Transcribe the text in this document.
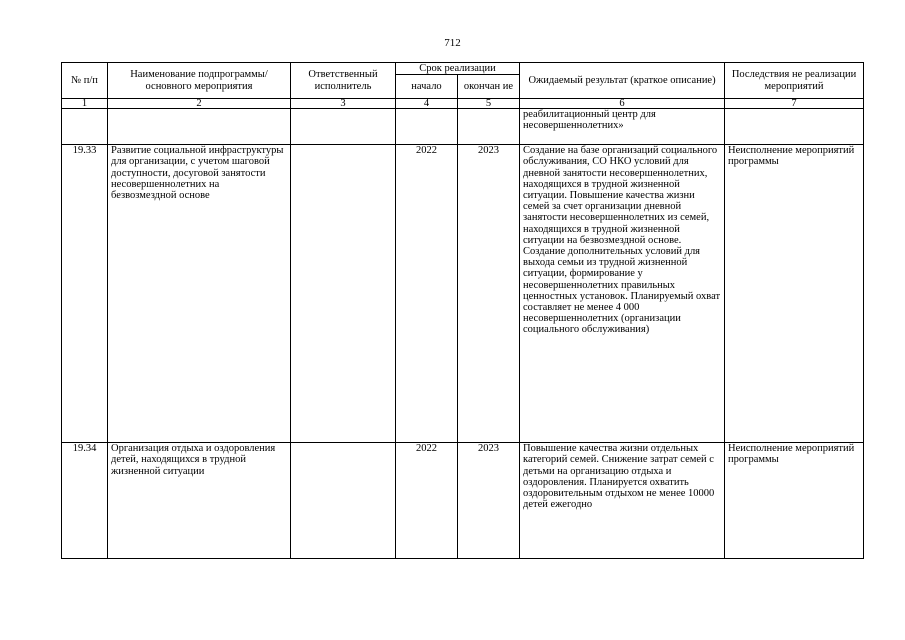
712
№ п/п	Наименование подпрограммы/ основного мероприятия	Ответственный исполнитель	Срок реализации		Ожидаемый результат (краткое описание)	Последствия не реализации мероприятий
			начало	окончан ие		
1	2	3	4	5	6	7
					реабилитационный центр для несовершеннолетних»	
19.33	Развитие социальной инфраструктуры для организации, с учетом шаговой доступности, досуговой занятости несовершеннолетних на безвозмездной основе		2022	2023	Создание на базе организаций социального обслуживания, СО НКО условий для дневной занятости несовершеннолетних, находящихся в трудной жизненной ситуации. Повышение качества жизни семей за счет организации дневной занятости несовершеннолетних из семей, находящихся в трудной жизненной ситуации на безвозмездной основе. Создание дополнительных условий для выхода семьи из трудной жизненной ситуации, формирование у несовершеннолетних правильных ценностных установок. Планируемый охват составляет не менее 4 000 несовершеннолетних (организации социального обслуживания)	Неисполнение мероприятий программы
19.34	Организация отдыха и оздоровления детей, находящихся в трудной жизненной ситуации		2022	2023	Повышение качества жизни отдельных категорий семей. Снижение затрат семей с детьми на организацию отдыха и оздоровления. Планируется охватить оздоровительным отдыхом не менее 10000 детей ежегодно	Неисполнение мероприятий программы
